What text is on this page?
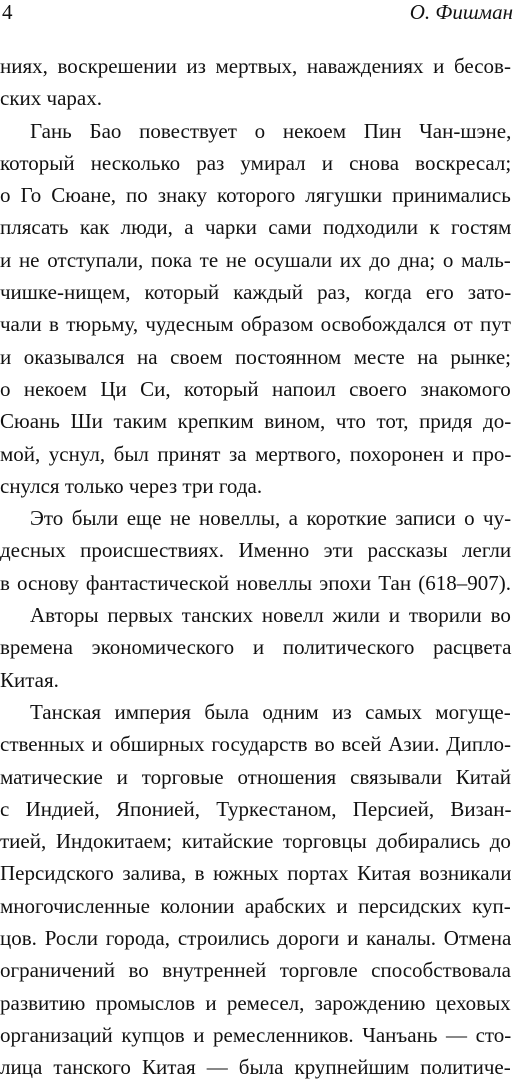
4	О. Фишман
ниях, воскрешении из мертвых, наваждениях и бесов-
ских чарах.
Гань Бао повествует о некоем Пин Чан-шэне,
который несколько раз умирал и снова воскресал;
о Го Сюане, по знаку которого лягушки принимались
плясать как люди, а чарки сами подходили к гостям
и не отступали, пока те не осушали их до дна; о маль-
чишке-нищем, который каждый раз, когда его зато-
чали в тюрьму, чудесным образом освобождался от пут
и оказывался на своем постоянном месте на рынке;
о некоем Ци Си, который напоил своего знакомого
Сюань Ши таким крепким вином, что тот, придя до-
мой, уснул, был принят за мертвого, похоронен и про-
снулся только через три года.
Это были еще не новеллы, а короткие записи о чу-
десных происшествиях. Именно эти рассказы легли
в основу фантастической новеллы эпохи Тан (618–907).
Авторы первых танских новелл жили и творили во
времена экономического и политического расцвета
Китая.
Танская империя была одним из самых могуще-
ственных и обширных государств во всей Азии. Дипло-
матические и торговые отношения связывали Китай
с Индией, Японией, Туркестаном, Персией, Визан-
тией, Индокитаем; китайские торговцы добирались до
Персидского залива, в южных портах Китая возникали
многочисленные колонии арабских и персидских куп-
цов. Росли города, строились дороги и каналы. Отмена
ограничений во внутренней торговле способствовала
развитию промыслов и ремесел, зарождению цеховых
организаций купцов и ремесленников. Чанъань — сто-
лица танского Китая — была крупнейшим политиче-
